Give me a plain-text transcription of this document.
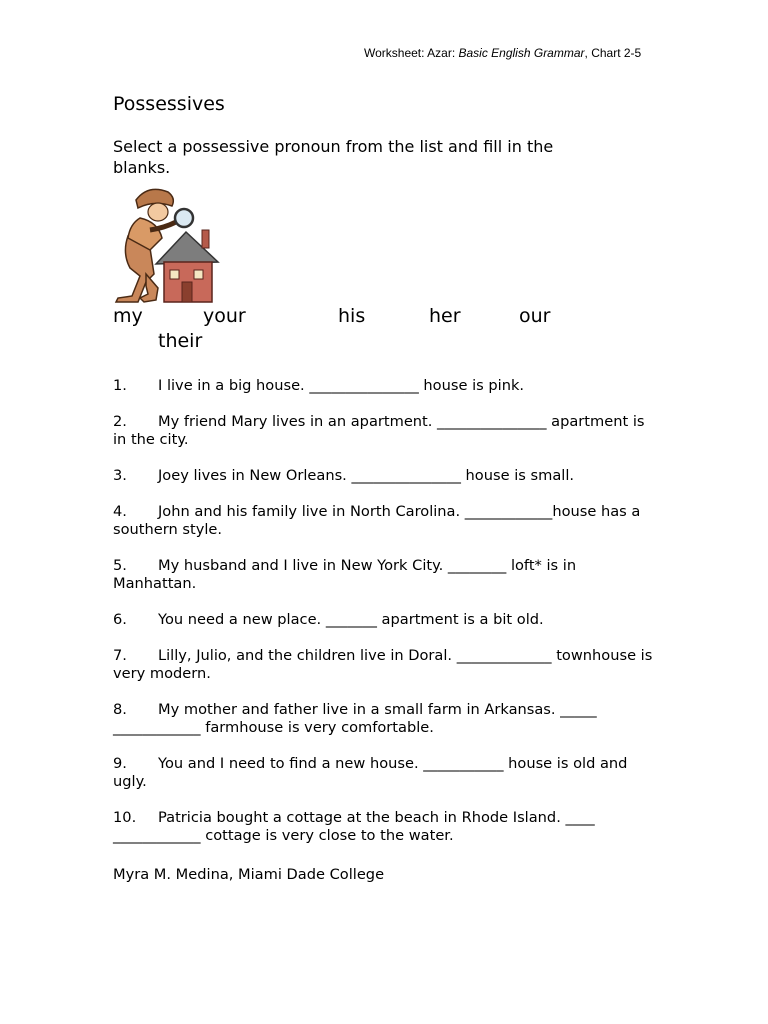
Worksheet: Azar: Basic English Grammar, Chart 2-5
Possessives
Select a possessive pronoun from the list and fill in the blanks.
my	your	his	her	our
their
1. I live in a big house. _______________ house is pink.
2. My friend Mary lives in an apartment. _______________ apartment is in the city.
3. Joey lives in New Orleans. _______________ house is small.
4. John and his family live in North Carolina. ____________house has a southern style.
5. My husband and I live in New York City. ________ loft* is in Manhattan.
6. You need a new place. _______ apartment is a bit old.
7. Lilly, Julio, and the children live in Doral. _____________ townhouse is very modern.
8. My mother and father live in a small farm in Arkansas. _____ ____________ farmhouse is very comfortable.
9. You and I need to find a new house. ___________ house is old and ugly.
10. Patricia bought a cottage at the beach in Rhode Island. ____ ____________ cottage is very close to the water.
Myra M. Medina, Miami Dade College
